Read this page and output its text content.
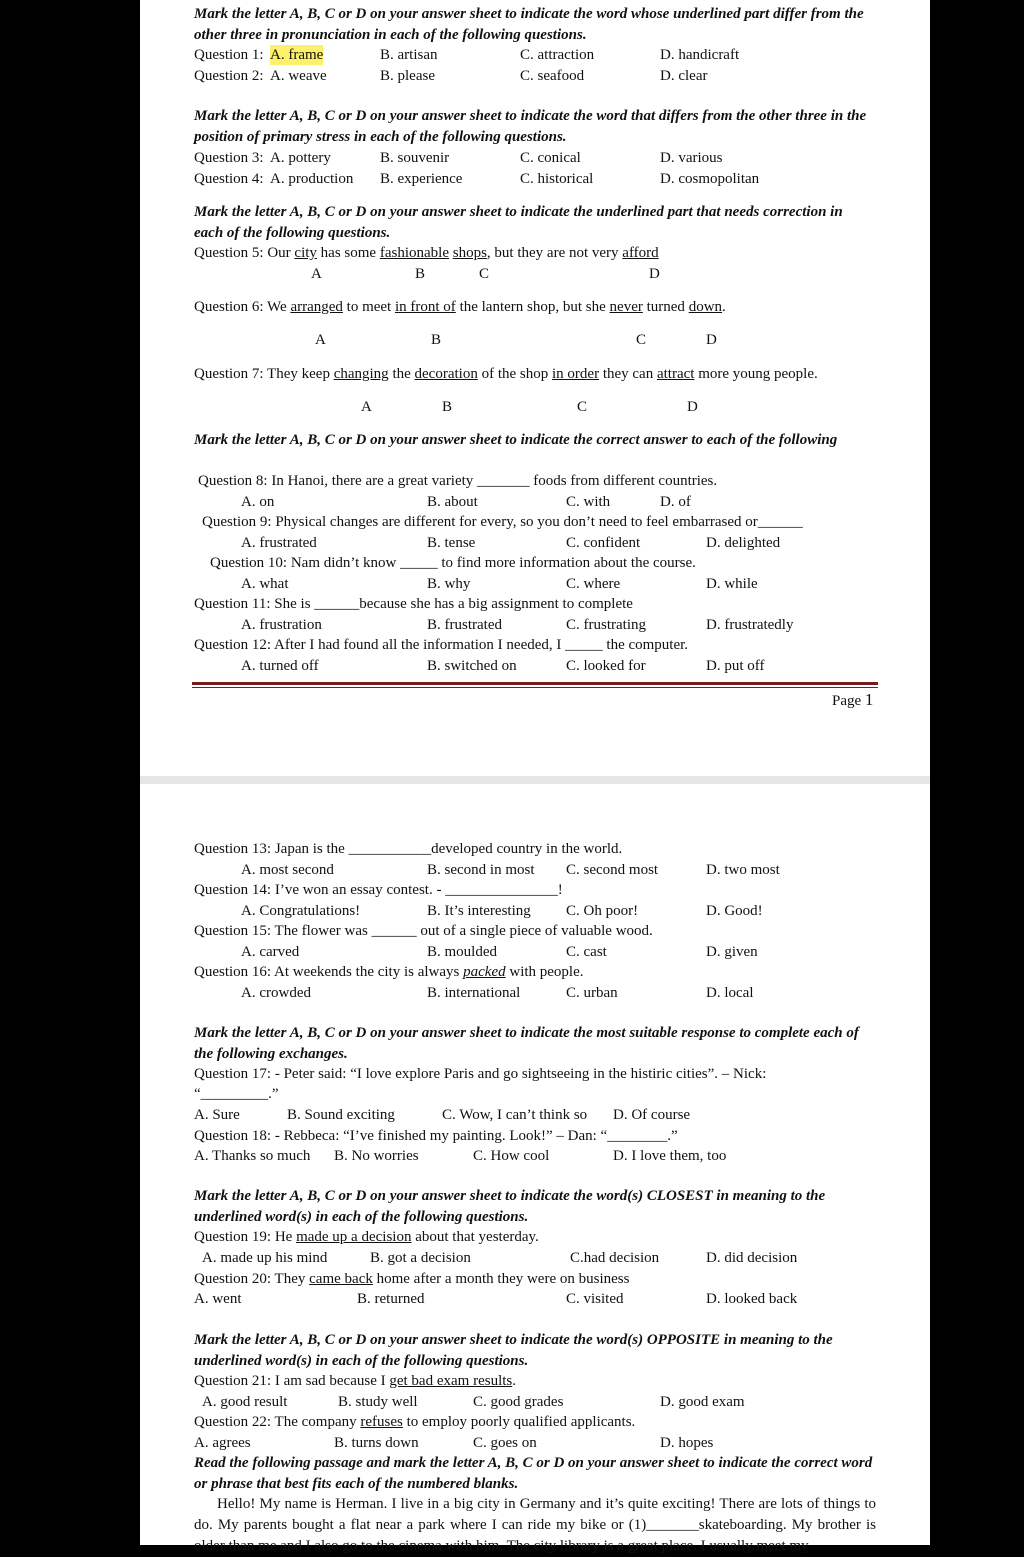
Mark the letter A, B, C or D on your answer sheet to indicate the word whose underlined part differ from the other three in pronunciation in each of the following questions.
Question 1: A. frame	B. artisan	C. attraction	D. handicraft
Question 2: A. weave	B. please	C. seafood	D. clear
Mark the letter A, B, C or D on your answer sheet to indicate the word that differs from the other three in the position of primary stress in each of the following questions.
Question 3: A. pottery	B. souvenir	C. conical	D. various
Question 4: A. production B. experience	C. historical	D. cosmopolitan
Mark the letter A, B, C or D on your answer sheet to indicate the underlined part that needs correction in each of the following questions.
Question 5: Our city has some fashionable shops, but they are not very afford
A	B	C	D
Question 6: We arranged to meet in front of the lantern shop, but she never turned down.
A	B	C	D
Question 7: They keep changing the decoration of the shop in order they can attract more young people.
A	B	C	D
Mark the letter A, B, C or D on your answer sheet to indicate the correct answer to each of the following
Question 8: In Hanoi, there are a great variety _______ foods from different countries.
A. on	B. about	C. with	D. of
Question 9: Physical changes are different for every, so you don’t need to feel embarrased or______
A. frustrated	B. tense	C. confident	D. delighted
Question 10: Nam didn’t know _____ to find more information about the course.
A. what	B. why	C. where	D. while
Question 11: She is ______because she has a big assignment to complete
A. frustration	B. frustrated	C. frustrating	D. frustratedly
Question 12: After I had found all the information I needed, I _____ the computer.
A. turned off	B. switched on	C. looked for	D. put off
Page 1
Question 13: Japan is the ___________developed country in the world.
A. most second	B. second in most C. second most	D. two most
Question 14: I’ve won an essay contest. - _______________!
A. Congratulations!	B. It’s interesting C. Oh poor!	D. Good!
Question 15: The flower was ______ out of a single piece of valuable wood.
A. carved	B. moulded	C. cast	D. given
Question 16: At weekends the city is always packed with people.
A. crowded	B. international	C. urban	D. local
Mark the letter A, B, C or D on your answer sheet to indicate the most suitable response to complete each of the following exchanges.
Question 17: - Peter said: “I love explore Paris and go sightseeing in the histiric cities”. – Nick:
“_________.”
A. Sure	B. Sound exciting	C. Wow, I can’t think so D. Of course
Question 18: - Rebbeca: “I’ve finished my painting. Look!” – Dan: “________.”
A. Thanks so much B. No worries	C. How cool	D. I love them, too
Mark the letter A, B, C or D on your answer sheet to indicate the word(s) CLOSEST in meaning to the underlined word(s) in each of the following questions.
Question 19: He made up a decision about that yesterday.
A. made up his mind	B. got a decision	C.had decision	D. did decision
Question 20: They came back home after a month they were on business
A. went	B. returned	C. visited	D. looked back
Mark the letter A, B, C or D on your answer sheet to indicate the word(s) OPPOSITE in meaning to the underlined word(s) in each of the following questions.
Question 21: I am sad because I get bad exam results.
A. good result	B. study well	C. good grades	D. good exam
Question 22: The company refuses to employ poorly qualified applicants.
A. agrees	B. turns down	C. goes on	D. hopes
Read the following passage and mark the letter A, B, C or D on your answer sheet to indicate the correct word or phrase that best fits each of the numbered blanks.
Hello! My name is Herman. I live in a big city in Germany and it’s quite exciting! There are lots of things to do. My parents bought a flat near a park where I can ride my bike or (1)_______skateboarding. My brother is older than me and I also go to the cinema with him. The city library is a great place. I usually meet my
